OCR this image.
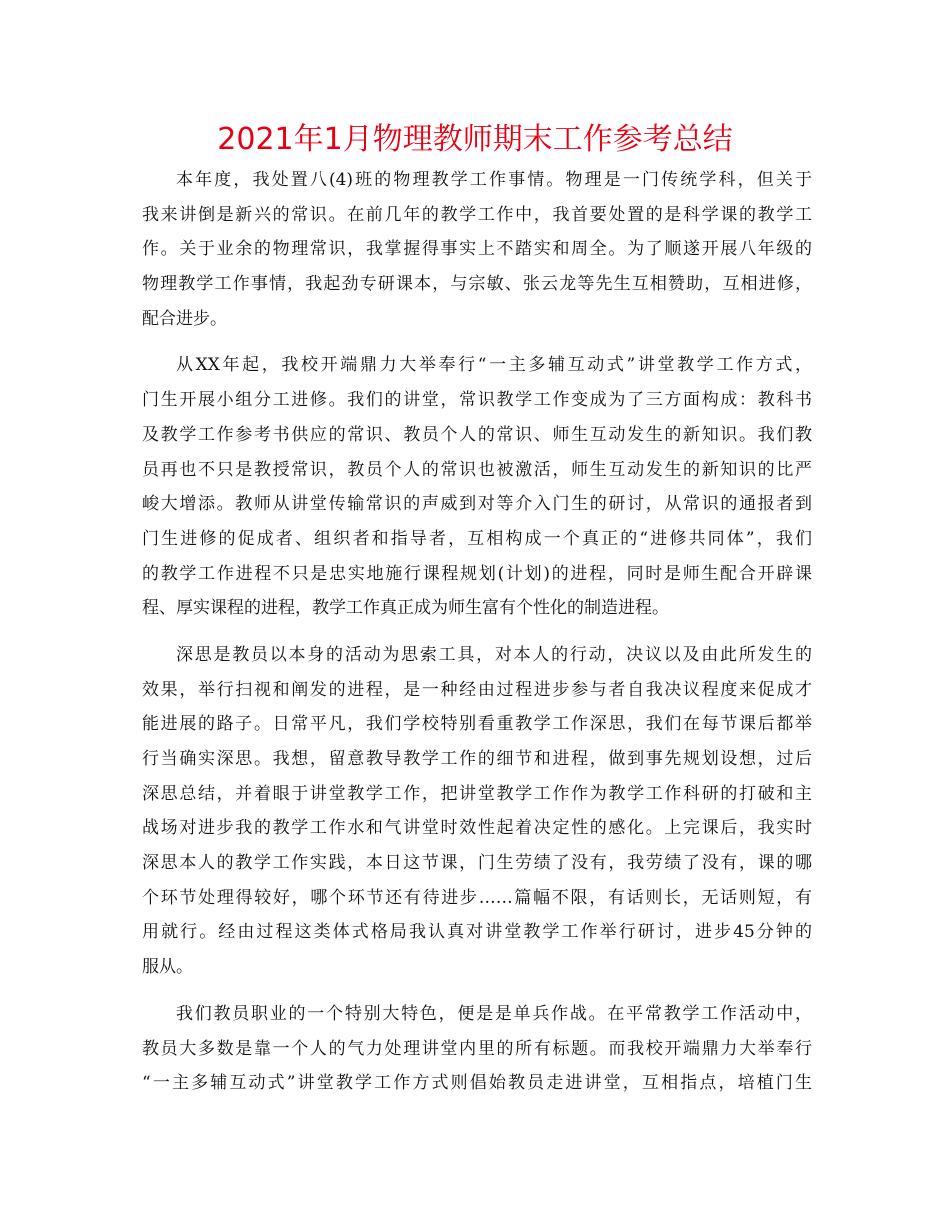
2021年1月物理教师期末工作参考总结
本年度，我处置八(4)班的物理教学工作事情。物理是一门传统学科，但关于
我来讲倒是新兴的常识。在前几年的教学工作中，我首要处置的是科学课的教学工
作。关于业余的物理常识，我掌握得事实上不踏实和周全。为了顺遂开展八年级的
物理教学工作事情，我起劲专研课本，与宗敏、张云龙等先生互相赞助，互相进修，
配合进步。
从XX年起，我校开端鼎力大举奉行“一主多辅互动式”讲堂教学工作方式，
门生开展小组分工进修。我们的讲堂，常识教学工作变成为了三方面构成：教科书
及教学工作参考书供应的常识、教员个人的常识、师生互动发生的新知识。我们教
员再也不只是教授常识，教员个人的常识也被激活，师生互动发生的新知识的比严
峻大增添。教师从讲堂传输常识的声威到对等介入门生的研讨，从常识的通报者到
门生进修的促成者、组织者和指导者，互相构成一个真正的“进修共同体”，我们
的教学工作进程不只是忠实地施行课程规划(计划)的进程，同时是师生配合开辟课
程、厚实课程的进程，教学工作真正成为师生富有个性化的制造进程。
深思是教员以本身的活动为思索工具，对本人的行动，决议以及由此所发生的
效果，举行扫视和阐发的进程，是一种经由过程进步参与者自我决议程度来促成才
能进展的路子。日常平凡，我们学校特别看重教学工作深思，我们在每节课后都举
行当确实深思。我想，留意教导教学工作的细节和进程，做到事先规划设想，过后
深思总结，并着眼于讲堂教学工作，把讲堂教学工作作为教学工作科研的打破和主
战场对进步我的教学工作水和气讲堂时效性起着决定性的感化。上完课后，我实时
深思本人的教学工作实践，本日这节课，门生劳绩了没有，我劳绩了没有，课的哪
个环节处理得较好，哪个环节还有待进步……篇幅不限，有话则长，无话则短，有
用就行。经由过程这类体式格局我认真对讲堂教学工作举行研讨，进步45分钟的
服从。
我们教员职业的一个特别大特色，便是是单兵作战。在平常教学工作活动中，
教员大多数是靠一个人的气力处理讲堂内里的所有标题。而我校开端鼎力大举奉行
“一主多辅互动式”讲堂教学工作方式则倡始教员走进讲堂，互相指点，培植门生
